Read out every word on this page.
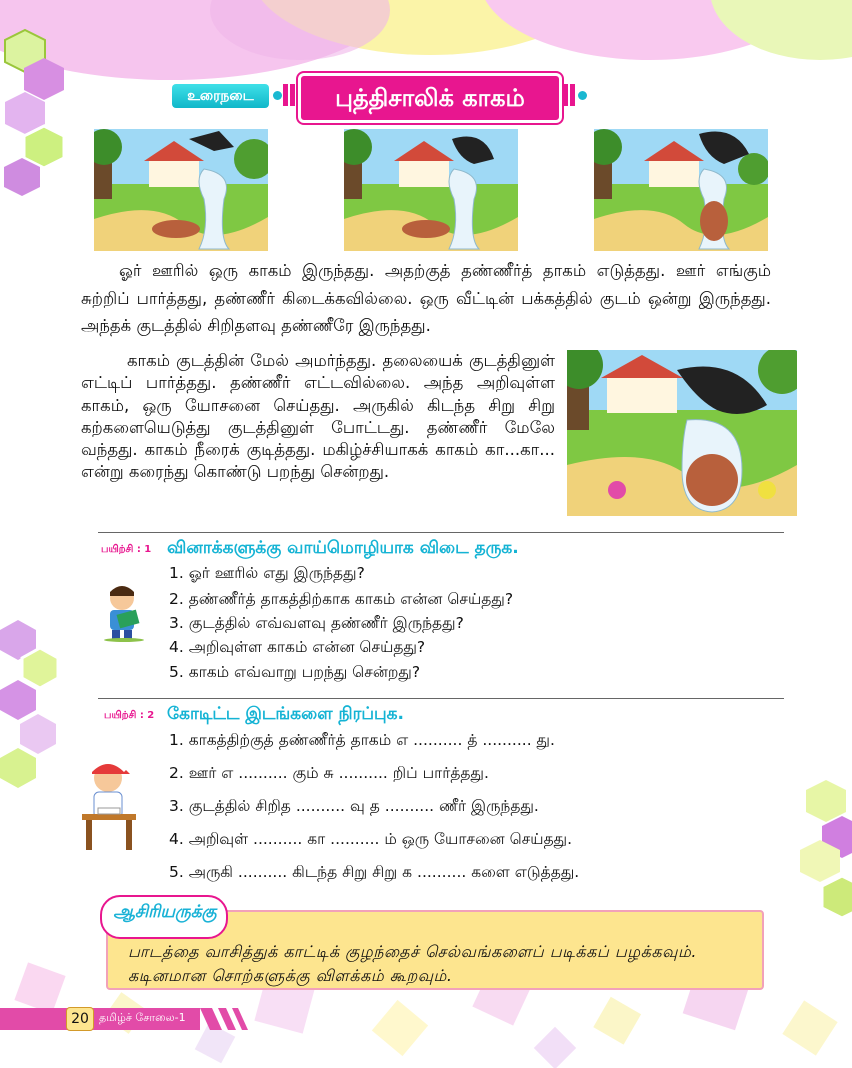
உரைநடை	புத்திசாலிக் காகம்
ஓர் ஊரில் ஒரு காகம் இருந்தது. அதற்குத் தண்ணீர்த் தாகம் எடுத்தது. ஊர் எங்கும் சுற்றிப் பார்த்தது, தண்ணீர் கிடைக்கவில்லை. ஒரு வீட்டின் பக்கத்தில் குடம் ஒன்று இருந்தது. அந்தக் குடத்தில் சிறிதளவு தண்ணீரே இருந்தது.
காகம் குடத்தின் மேல் அமர்ந்தது. தலையைக் குடத்தினுள் எட்டிப் பார்த்தது. தண்ணீர் எட்டவில்லை. அந்த அறிவுள்ள காகம், ஒரு யோசனை செய்தது. அருகில் கிடந்த சிறு சிறு கற்களையெடுத்து குடத்தினுள் போட்டது. தண்ணீர் மேலே வந்தது. காகம் நீரைக் குடித்தது. மகிழ்ச்சியாகக் காகம் கா...கா... என்று கரைந்து கொண்டு பறந்து சென்றது.
பயிற்சி : 1 வினாக்களுக்கு வாய்மொழியாக விடை தருக.
1. ஓர் ஊரில் எது இருந்தது?
2. தண்ணீர்த் தாகத்திற்காக காகம் என்ன செய்தது?
3. குடத்தில் எவ்வளவு தண்ணீர் இருந்தது?
4. அறிவுள்ள காகம் என்ன செய்தது?
5. காகம் எவ்வாறு பறந்து சென்றது?
பயிற்சி : 2 கோடிட்ட இடங்களை நிரப்புக.
1. காகத்திற்குத் தண்ணீர்த் தாகம் எ .......... த் .......... து.
2. ஊர் எ .......... கும் சு .......... றிப் பார்த்தது.
3. குடத்தில் சிறித .......... வு த .......... ணீர் இருந்தது.
4. அறிவுள் .......... கா .......... ம் ஒரு யோசனை செய்தது.
5. அருகி .......... கிடந்த சிறு சிறு க .......... களை எடுத்தது.
ஆசிரியருக்கு
பாடத்தை வாசித்துக் காட்டிக் குழந்தைச் செல்வங்களைப் படிக்கப் பழக்கவும். கடினமான சொற்களுக்கு விளக்கம் கூறவும்.
20 தமிழ்ச் சோலை-1
